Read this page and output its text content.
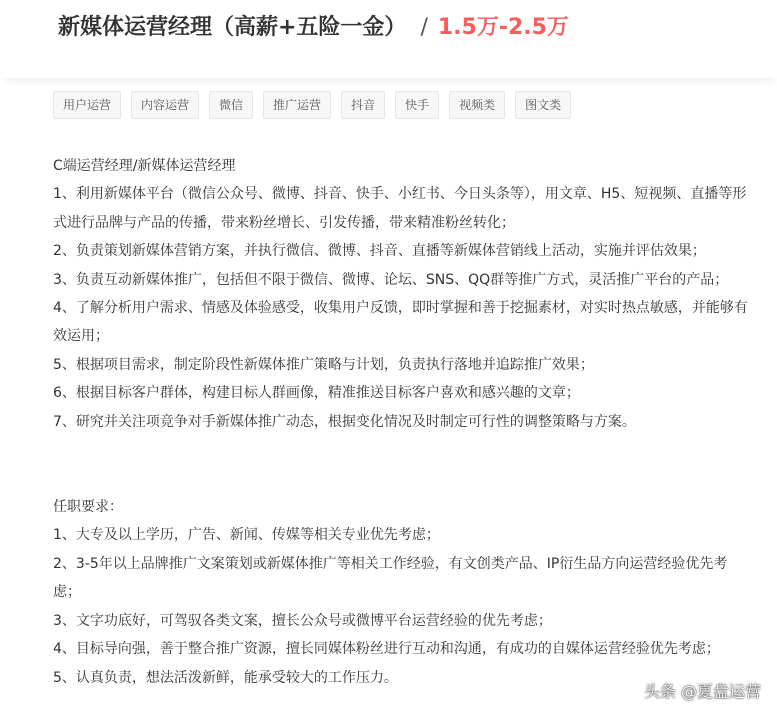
新媒体运营经理（高薪+五险一金） / 1.5万-2.5万
用户运营	内容运营	微信	推广运营	抖音	快手	视频类	图文类

C端运营经理/新媒体运营经理

1、利用新媒体平台（微信公众号、微博、抖音、快手、小红书、今日头条等），用文章、H5、短视频、直播等形式进行品牌与产品的传播，带来粉丝增长、引发传播，带来精准粉丝转化；

2、负责策划新媒体营销方案，并执行微信、微博、抖音、直播等新媒体营销线上活动，实施并评估效果；

3、负责互动新媒体推广，包括但不限于微信、微博、论坛、SNS、QQ群等推广方式，灵活推广平台的产品；

4、了解分析用户需求、情感及体验感受，收集用户反馈，即时掌握和善于挖掘素材，对实时热点敏感，并能够有效运用；

5、根据项目需求，制定阶段性新媒体推广策略与计划，负责执行落地并追踪推广效果；

6、根据目标客户群体，构建目标人群画像，精准推送目标客户喜欢和感兴趣的文章；

7、研究并关注项竞争对手新媒体推广动态，根据变化情况及时制定可行性的调整策略与方案。

任职要求：

1、大专及以上学历，广告、新闻、传媒等相关专业优先考虑；

2、3-5年以上品牌推广文案策划或新媒体推广等相关工作经验，有文创类产品、IP衍生品方向运营经验优先考虑；

3、文字功底好，可驾驭各类文案，擅长公众号或微博平台运营经验的优先考虑；

4、目标导向强，善于整合推广资源，擅长同媒体粉丝进行互动和沟通，有成功的自媒体运营经验优先考虑；

5、认真负责，想法活泼新鲜，能承受较大的工作压力。

头条 @夏盘运营
